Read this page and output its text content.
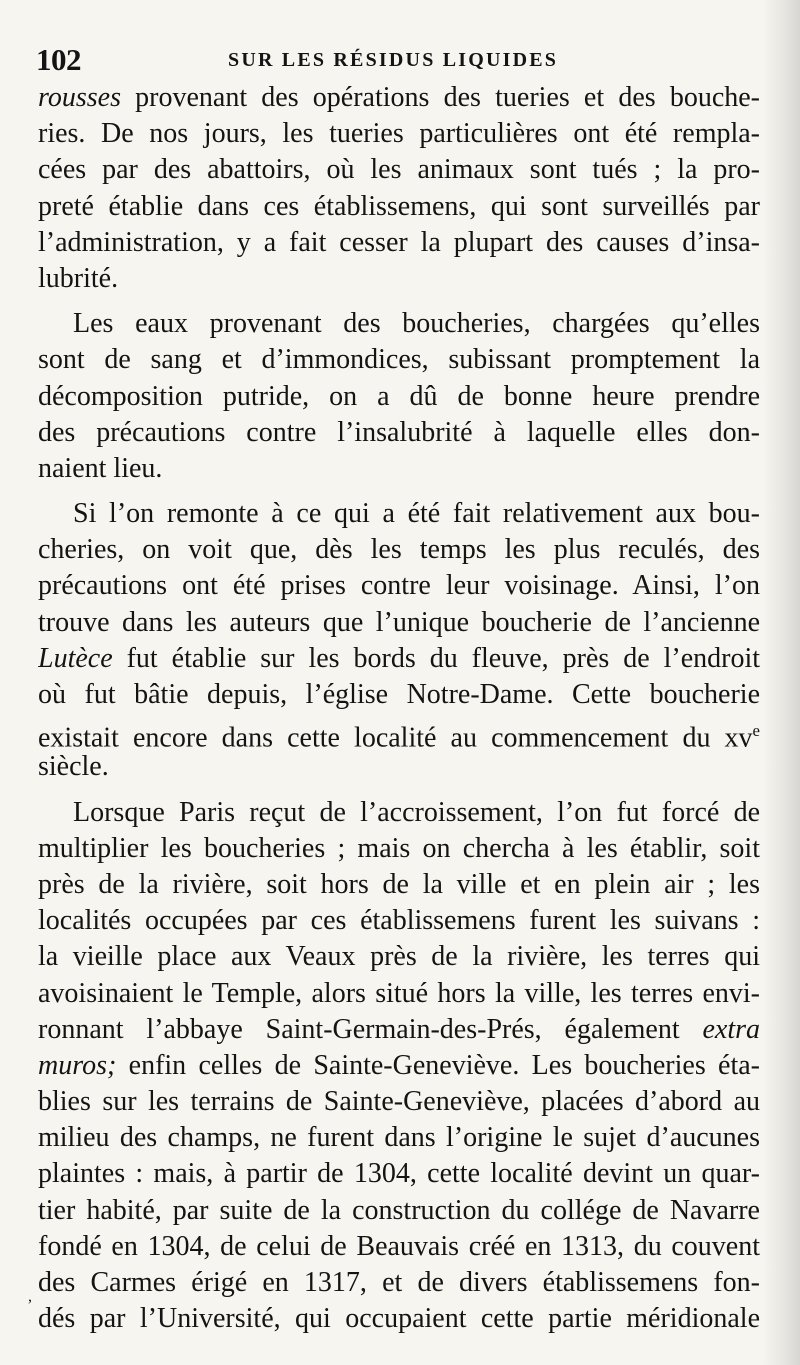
102	SUR LES RÉSIDUS LIQUIDES
rousses provenant des opérations des tueries et des bouche-
ries. De nos jours, les tueries particulières ont été rempla-
cées par des abattoirs, où les animaux sont tués ; la pro-
preté établie dans ces établissemens, qui sont surveillés par
l’administration, y a fait cesser la plupart des causes d’insa-
lubrité.
Les eaux provenant des boucheries, chargées qu’elles
sont de sang et d’immondices, subissant promptement la
décomposition putride, on a dû de bonne heure prendre
des précautions contre l’insalubrité à laquelle elles don-
naient lieu.
Si l’on remonte à ce qui a été fait relativement aux bou-
cheries, on voit que, dès les temps les plus reculés, des
précautions ont été prises contre leur voisinage. Ainsi, l’on
trouve dans les auteurs que l’unique boucherie de l’ancienne
Lutèce fut établie sur les bords du fleuve, près de l’endroit
où fut bâtie depuis, l’église Notre-Dame. Cette boucherie
existait encore dans cette localité au commencement du $xv^e$
siècle.
Lorsque Paris reçut de l’accroissement, l’on fut forcé de
multiplier les boucheries ; mais on chercha à les établir, soit
près de la rivière, soit hors de la ville et en plein air ; les
localités occupées par ces établissemens furent les suivans :
la vieille place aux Veaux près de la rivière, les terres qui
avoisinaient le Temple, alors situé hors la ville, les terres envi-
ronnant l’abbaye Saint-Germain-des-Prés, également extra
muros; enfin celles de Sainte-Geneviève. Les boucheries éta-
blies sur les terrains de Sainte-Geneviève, placées d’abord au
milieu des champs, ne furent dans l’origine le sujet d’aucunes
plaintes : mais, à partir de 1304, cette localité devint un quar-
tier habité, par suite de la construction du collége de Navarre
fondé en 1304, de celui de Beauvais créé en 1313, du couvent
des Carmes érigé en 1317, et de divers établissemens fon-
dés par l’Université, qui occupaient cette partie méridionale
,
